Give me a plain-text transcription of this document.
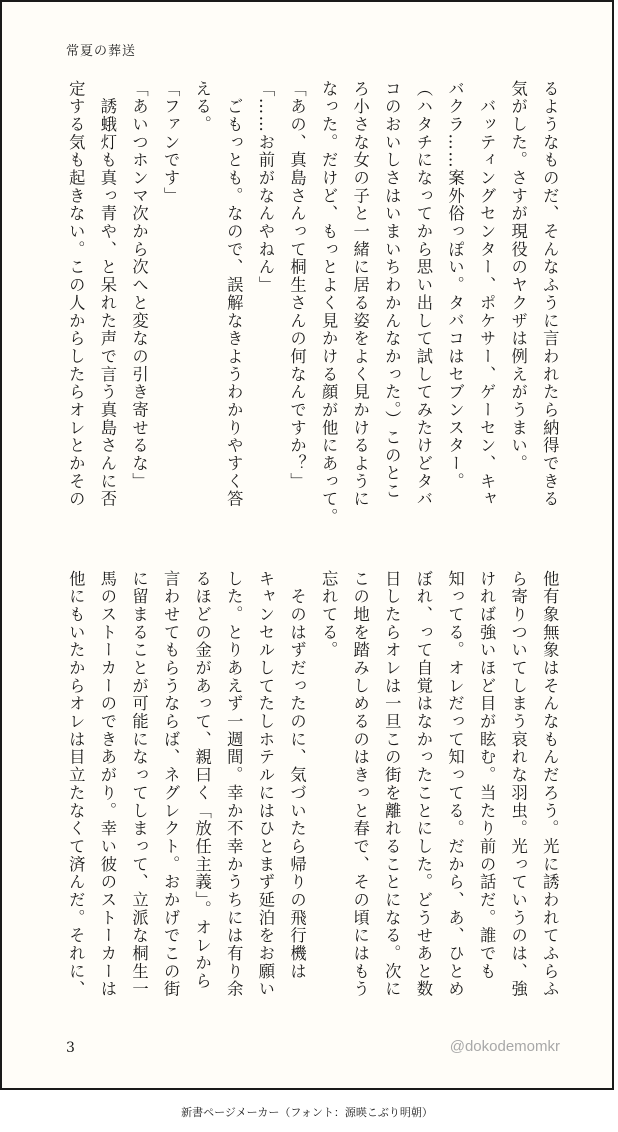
常夏の葬送
3	@dokodemomkr
るようなものだ、そんなふうに言われたら納得できる
気がした。さすが現役のヤクザは例えがうまい。
　バッティングセンター、ポケサー、ゲーセン、キャ
バクラ……案外俗っぽい。タバコはセブンスター。
（ハタチになってから思い出して試してみたけどタバ
コのおいしさはいまいちわかんなかった。）このとこ
ろ小さな女の子と一緒に居る姿をよく見かけるように
なった。だけど、もっとよく見かける顔が他にあって。
「あの、真島さんって桐生さんの何なんですか？」
「……お前がなんやねん」
　ごもっとも。なので、誤解なきようわかりやすく答
える。
「ファンです」
「あいつホンマ次から次へと変なの引き寄せるな」
　誘蛾灯も真っ青や、と呆れた声で言う真島さんに否
定する気も起きない。この人からしたらオレとかその
他有象無象はそんなもんだろう。光に誘われてふらふ
ら寄りついてしまう哀れな羽虫。光っていうのは、強
ければ強いほど目が眩む。当たり前の話だ。誰でも
知ってる。オレだって知ってる。だから、あ、ひとめ
ぼれ、って自覚はなかったことにした。どうせあと数
日したらオレは一旦この街を離れることになる。次に
この地を踏みしめるのはきっと春で、その頃にはもう
忘れてる。
　そのはずだったのに、気づいたら帰りの飛行機は
キャンセルしてたしホテルにはひとまず延泊をお願い
した。とりあえず一週間。幸か不幸かうちには有り余
るほどの金があって、親曰く「放任主義」。オレから
言わせてもらうならば、ネグレクト。おかげでこの街
に留まることが可能になってしまって、立派な桐生一
馬のストーカーのできあがり。幸い彼のストーカーは
他にもいたからオレは目立たなくて済んだ。それに、
新書ページメーカー（フォント：源暎こぶり明朝）
